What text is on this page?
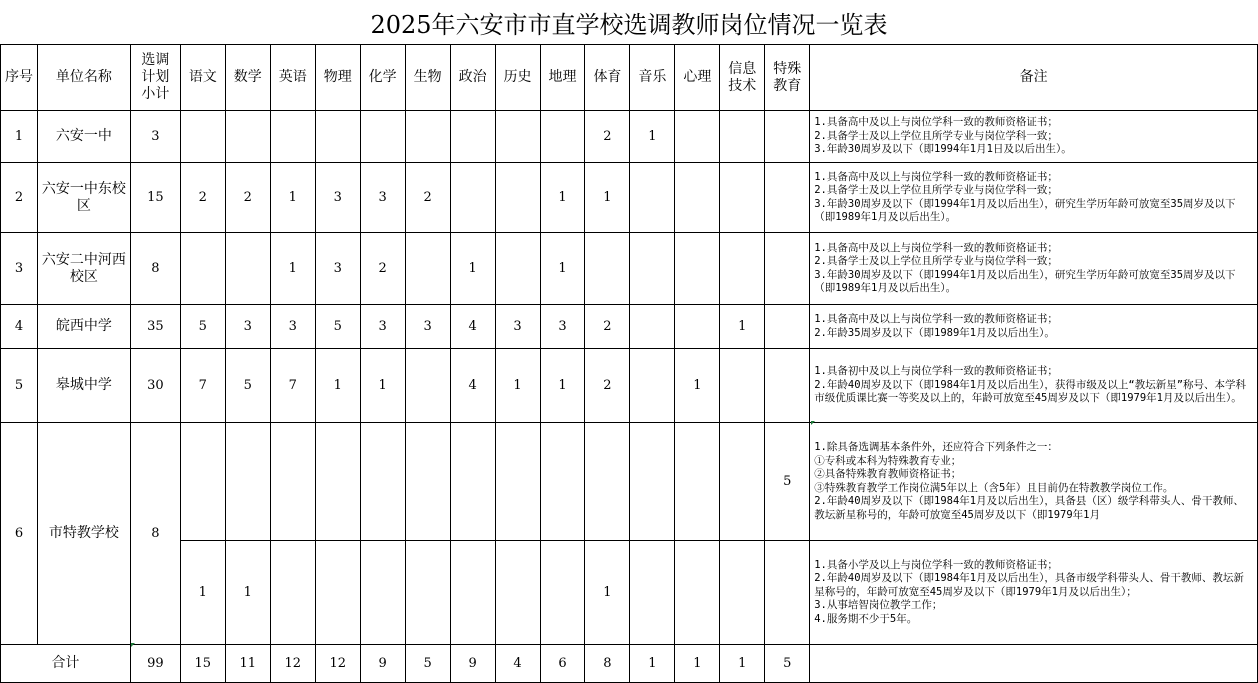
2025年六安市市直学校选调教师岗位情况一览表
序号	单位名称	选调
计划
小计	语文	数学	英语	物理	化学	生物	政治	历史	地理	体育	音乐	心理	信息
技术	特殊
教育	备注
1	六安一中	3										2	1				1.具备高中及以上与岗位学科一致的教师资格证书；
2.具备学士及以上学位且所学专业与岗位学科一致；
3.年龄30周岁及以下（即1994年1月1日及以后出生）。

2	六安一中东校区	15	2	2	1	3	3	2			1	1					1.具备高中及以上与岗位学科一致的教师资格证书；
2.具备学士及以上学位且所学专业与岗位学科一致；
3.年龄30周岁及以下（即1994年1月及以后出生），研究生学历年龄可放宽至35周岁及以下（即1989年1月及以后出生）。

3	六安二中河西校区	8			1	3	2		1		1						1.具备高中及以上与岗位学科一致的教师资格证书；
2.具备学士及以上学位且所学专业与岗位学科一致；
3.年龄30周岁及以下（即1994年1月及以后出生），研究生学历年龄可放宽至35周岁及以下（即1989年1月及以后出生）。

4	皖西中学	35	5	3	3	5	3	3	4	3	3	2			1		1.具备高中及以上与岗位学科一致的教师资格证书；
2.年龄35周岁及以下（即1989年1月及以后出生）。

5	皋城中学	30	7	5	7	1	1		4	1	1	2		1			1.具备初中及以上与岗位学科一致的教师资格证书；
2.年龄40周岁及以下（即1984年1月及以后出生），获得市级及以上“教坛新星”称号、本学科市级优质课比赛一等奖及以上的，年龄可放宽至45周岁及以下（即1979年1月及以后出生）。

6	市特教学校	8														5	1.除具备选调基本条件外，还应符合下列条件之一：
①专科或本科为特殊教育专业；
②具备特殊教育教师资格证书；
③特殊教育教学工作岗位满5年以上（含5年）且目前仍在特教教学岗位工作。
2.年龄40周岁及以下（即1984年1月及以后出生），具备县（区）级学科带头人、骨干教师、教坛新星称号的，年龄可放宽至45周岁及以下（即1979年1月

			1	1								1					1.具备小学及以上与岗位学科一致的教师资格证书；
2.年龄40周岁及以下（即1984年1月及以后出生），具备市级学科带头人、骨干教师、教坛新星称号的，年龄可放宽至45周岁及以下（即1979年1月及以后出生）；
3.从事培智岗位教学工作；
4.服务期不少于5年。

合计		99	15	11	12	12	9	5	9	4	6	8	1	1	1	5	
